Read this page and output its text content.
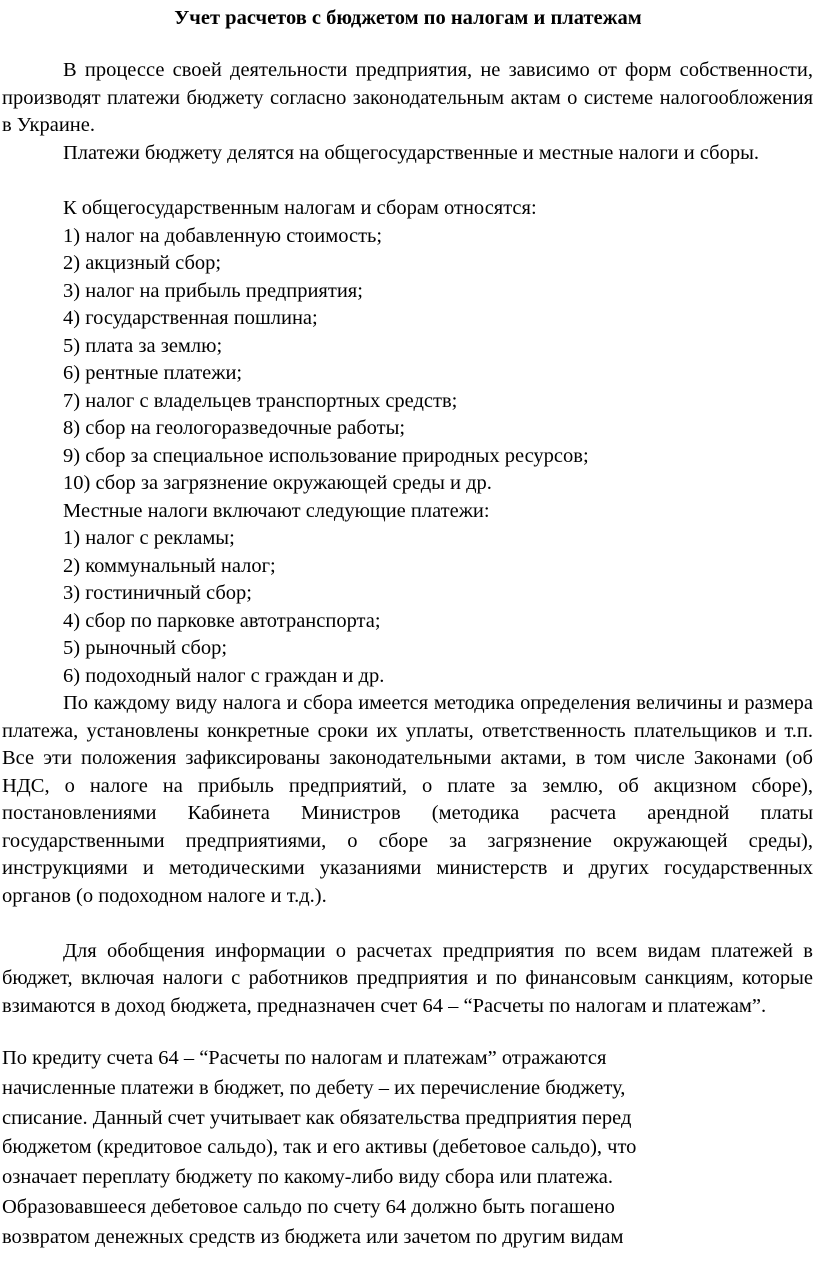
Учет расчетов с бюджетом по налогам и платежам

В процессе своей деятельности предприятия, не зависимо от форм собственности, производят платежи бюджету согласно законодательным актам о системе налогообложения в Украине.

Платежи бюджету делятся на общегосударственные и местные налоги и сборы.

К общегосударственным налогам и сборам относятся:
1) налог на добавленную стоимость;
2) акцизный сбор;
3) налог на прибыль предприятия;
4) государственная пошлина;
5) плата за землю;
6) рентные платежи;
7) налог с владельцев транспортных средств;
8) сбор на геологоразведочные работы;
9) сбор за специальное использование природных ресурсов;
10) сбор за загрязнение окружающей среды и др.
Местные налоги включают следующие платежи:
1) налог с рекламы;
2) коммунальный налог;
3) гостиничный сбор;
4) сбор по парковке автотранспорта;
5) рыночный сбор;
6) подоходный налог с граждан и др.

По каждому виду налога и сбора имеется методика определения величины и размера платежа, установлены конкретные сроки их уплаты, ответственность плательщиков и т.п. Все эти положения зафиксированы законодательными актами, в том числе Законами (об НДС, о налоге на прибыль предприятий, о плате за землю, об акцизном сборе), постановлениями Кабинета Министров (методика расчета арендной платы государственными предприятиями, о сборе за загрязнение окружающей среды), инструкциями и методическими указаниями министерств и других государственных органов (о подоходном налоге и т.д.).

Для обобщения информации о расчетах предприятия по всем видам платежей в бюджет, включая налоги с работников предприятия и по финансовым санкциям, которые взимаются в доход бюджета, предназначен счет 64 – “Расчеты по налогам и платежам”.

По кредиту счета 64 – “Расчеты по налогам и платежам” отражаются
начисленные платежи в бюджет, по дебету – их перечисление бюджету,
списание. Данный счет учитывает как обязательства предприятия перед
бюджетом (кредитовое сальдо), так и его активы (дебетовое сальдо), что
означает переплату бюджету по какому-либо виду сбора или платежа.
Образовавшееся дебетовое сальдо по счету 64 должно быть погашено
возвратом денежных средств из бюджета или зачетом по другим видам
